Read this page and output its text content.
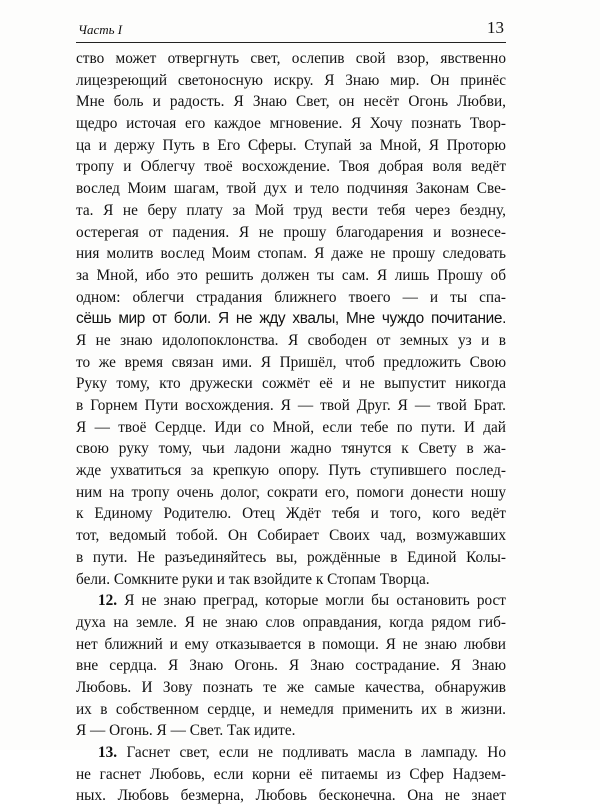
Часть I	13
ство может отвергнуть свет, ослепив свой взор, явственно
лицезреющий светоносную искру. Я Знаю мир. Он принёс
Мне боль и радость. Я Знаю Свет, он несёт Огонь Любви,
щедро источая его каждое мгновение. Я Хочу познать Твор-
ца и держу Путь в Его Сферы. Ступай за Мной, Я Проторю
тропу и Облегчу твоё восхождение. Твоя добрая воля ведёт
вослед Моим шагам, твой дух и тело подчиняя Законам Све-
та. Я не беру плату за Мой труд вести тебя через бездну,
остерегая от падения. Я не прошу благодарения и вознесе-
ния молитв вослед Моим стопам. Я даже не прошу следовать
за Мной, ибо это решить должен ты сам. Я лишь Прошу об
одном: облегчи страдания ближнего твоего — и ты спа-
сёшь мир от боли. Я не жду хвалы, Мне чуждо почитание.
Я не знаю идолопоклонства. Я свободен от земных уз и в
то же время связан ими. Я Пришёл, чтоб предложить Свою
Руку тому, кто дружески сожмёт её и не выпустит никогда
в Горнем Пути восхождения. Я — твой Друг. Я — твой Брат.
Я — твоё Сердце. Иди со Мной, если тебе по пути. И дай
свою руку тому, чьи ладони жадно тянутся к Свету в жа-
жде ухватиться за крепкую опору. Путь ступившего послед-
ним на тропу очень долог, сократи его, помоги донести ношу
к Единому Родителю. Отец Ждёт тебя и того, кого ведёт
тот, ведомый тобой. Он Собирает Своих чад, возмужавших
в пути. Не разъединяйтесь вы, рождённые в Единой Колы-
бели. Сомкните руки и так взойдите к Стопам Творца.
12. Я не знаю преград, которые могли бы остановить рост
духа на земле. Я не знаю слов оправдания, когда рядом гиб-
нет ближний и ему отказывается в помощи. Я не знаю любви
вне сердца. Я Знаю Огонь. Я Знаю сострадание. Я Знаю
Любовь. И Зову познать те же самые качества, обнаружив
их в собственном сердце, и немедля применить их в жизни.
Я — Огонь. Я — Свет. Так идите.
13. Гаснет свет, если не подливать масла в лампаду. Но
не гаснет Любовь, если корни её питаемы из Сфер Надзем-
ных. Любовь безмерна, Любовь бесконечна. Она не знает
